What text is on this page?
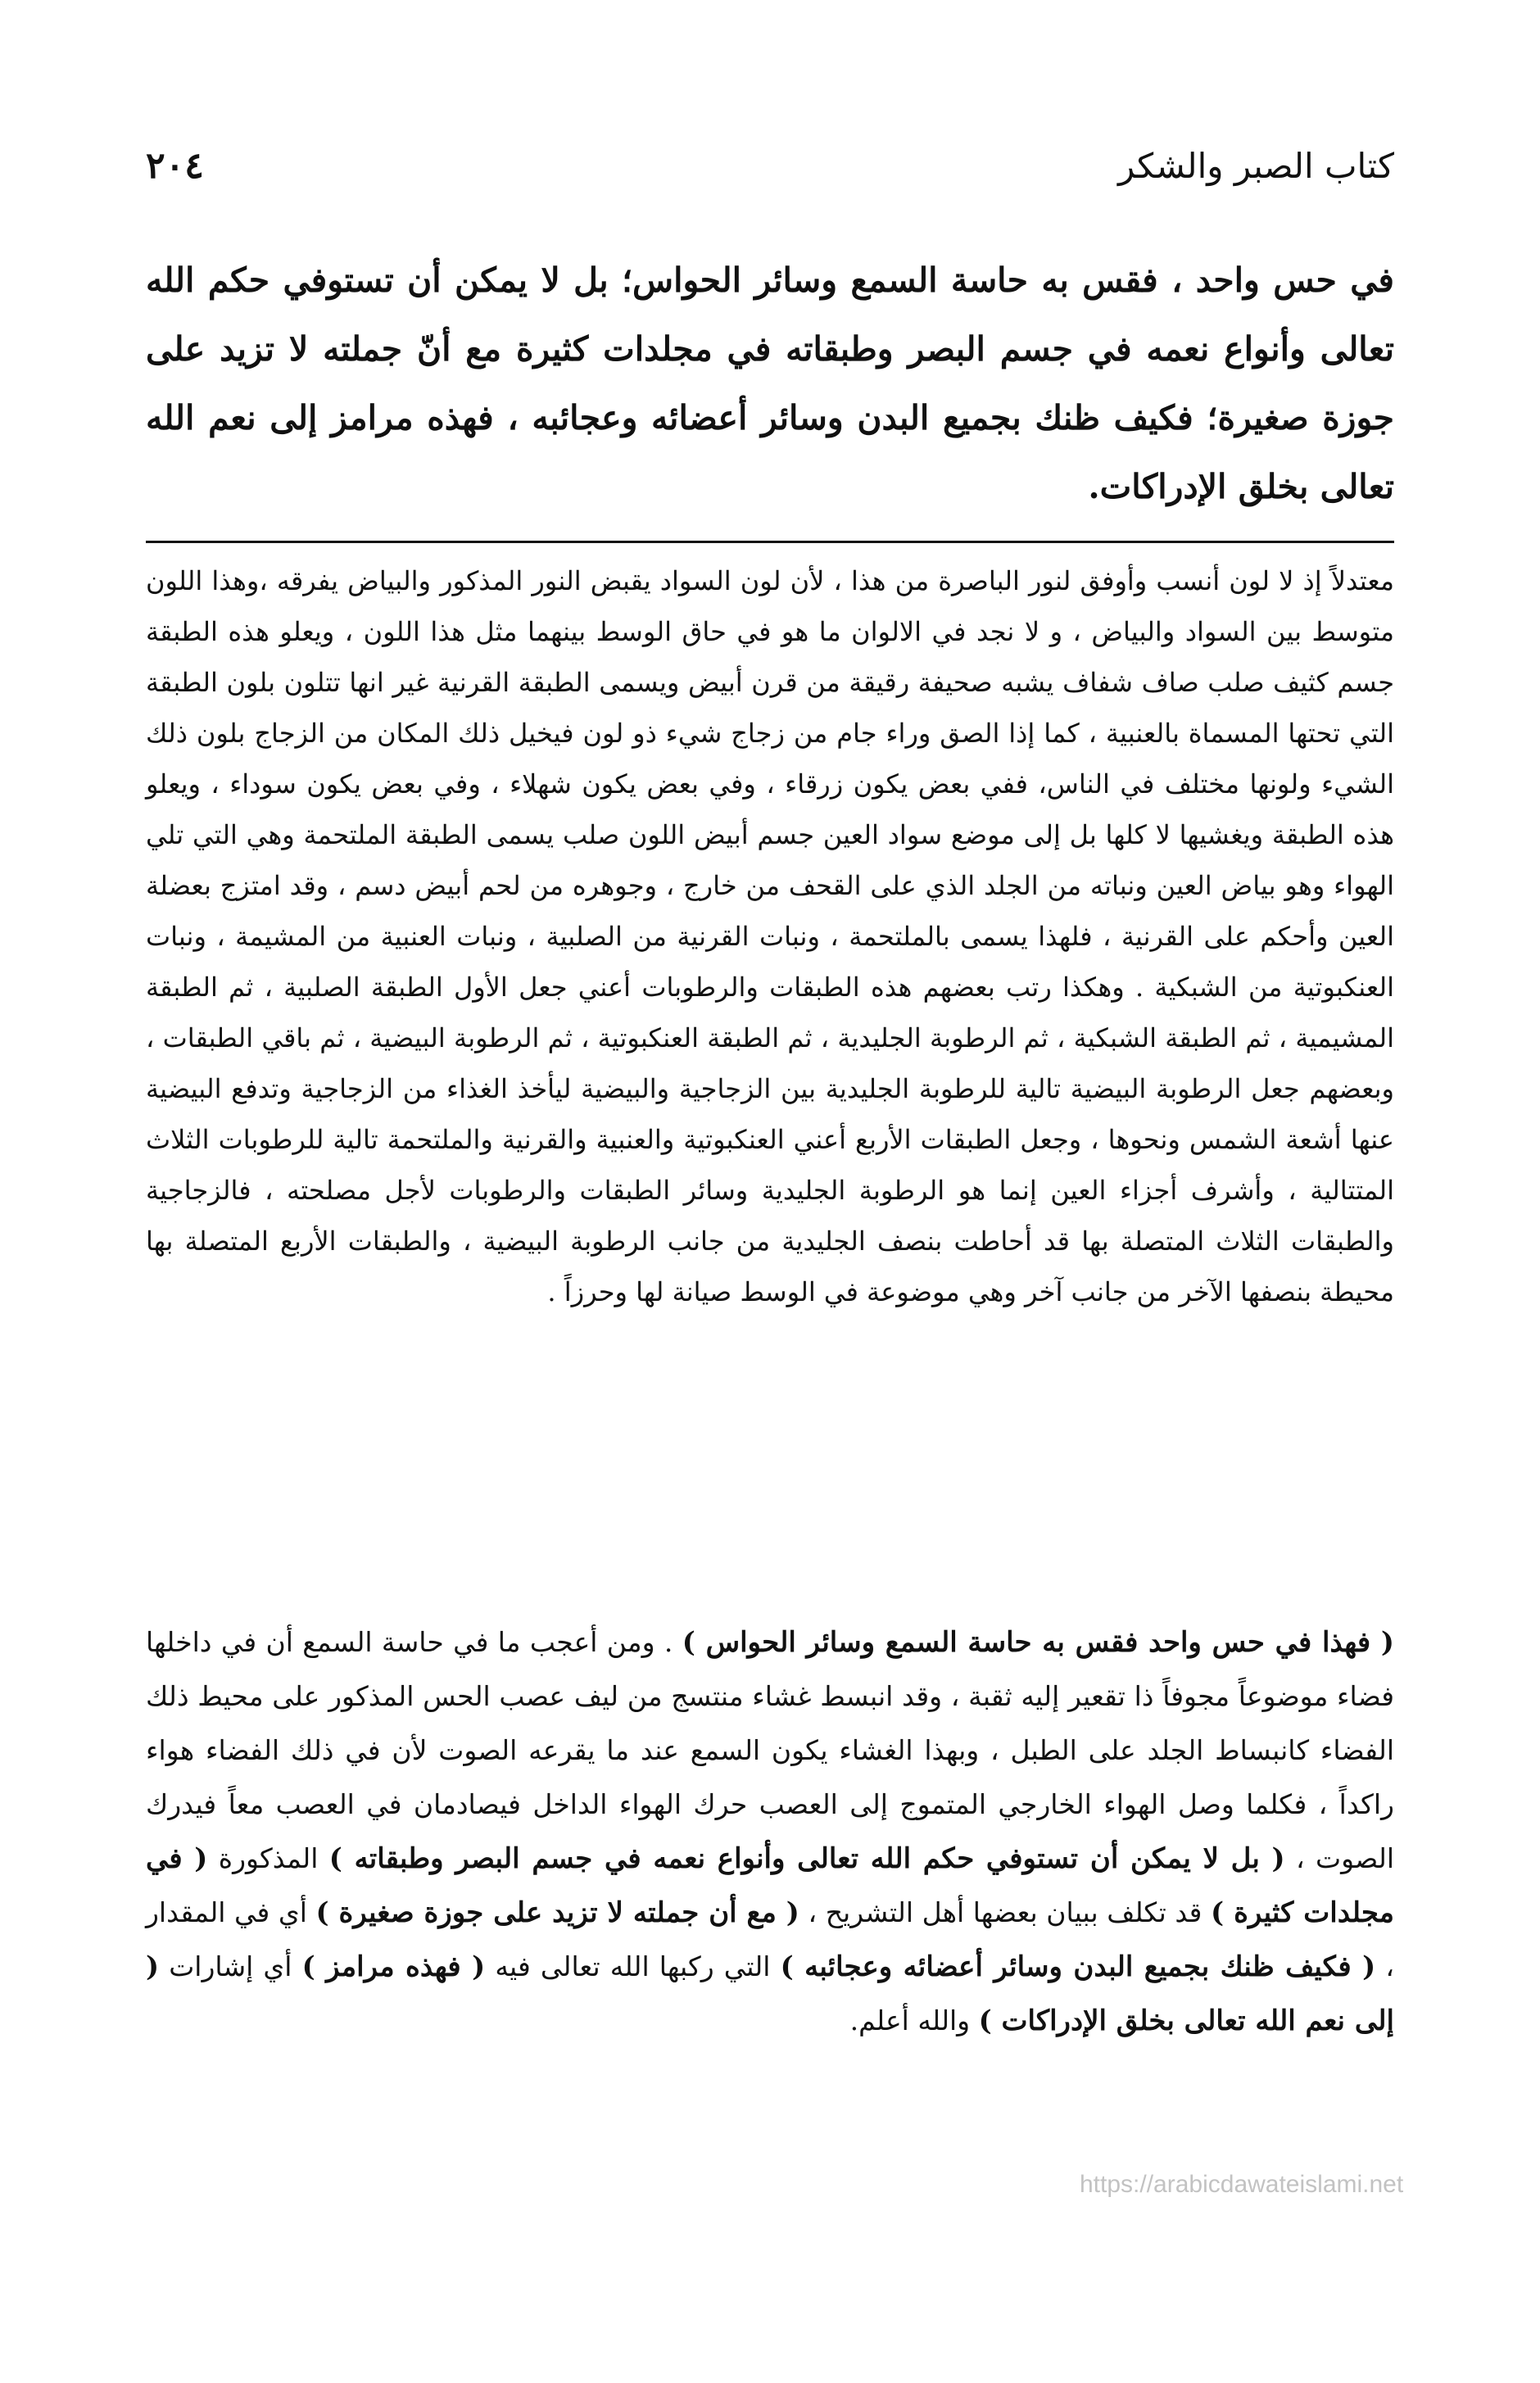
٢٠٤	كتاب الصبر والشكر

في حس واحد ، فقس به حاسة السمع وسائر الحواس؛ بل لا يمكن أن تستوفي حكم الله تعالى وأنواع نعمه في جسم البصر وطبقاته في مجلدات كثيرة مع أنّ جملته لا تزيد على جوزة صغيرة؛ فكيف ظنك بجميع البدن وسائر أعضائه وعجائبه ، فهذه مرامز إلى نعم الله تعالى بخلق الإدراكات.

معتدلاً إذ لا لون أنسب وأوفق لنور الباصرة من هذا ، لأن لون السواد يقبض النور المذكور والبياض يفرقه ،وهذا اللون متوسط بين السواد والبياض ، و لا نجد في الالوان ما هو في حاق الوسط بينهما مثل هذا اللون ، ويعلو هذه الطبقة جسم كثيف صلب صاف شفاف يشبه صحيفة رقيقة من قرن أبيض ويسمى الطبقة القرنية غير انها تتلون بلون الطبقة التي تحتها المسماة بالعنبية ، كما إذا الصق وراء جام من زجاج شيء ذو لون فيخيل ذلك المكان من الزجاج بلون ذلك الشيء ولونها مختلف في الناس، ففي بعض يكون زرقاء ، وفي بعض يكون شهلاء ، وفي بعض يكون سوداء ، ويعلو هذه الطبقة ويغشيها لا كلها بل إلى موضع سواد العين جسم أبيض اللون صلب يسمى الطبقة الملتحمة وهي التي تلي الهواء وهو بياض العين ونباته من الجلد الذي على القحف من خارج ، وجوهره من لحم أبيض دسم ، وقد امتزج بعضلة العين وأحكم على القرنية ، فلهذا يسمى بالملتحمة ، ونبات القرنية من الصلبية ، ونبات العنبية من المشيمة ، ونبات العنكبوتية من الشبكية . وهكذا رتب بعضهم هذه الطبقات والرطوبات أعني جعل الأول الطبقة الصلبية ، ثم الطبقة المشيمية ، ثم الطبقة الشبكية ، ثم الرطوبة الجليدية ، ثم الطبقة العنكبوتية ، ثم الرطوبة البيضية ، ثم باقي الطبقات ، وبعضهم جعل الرطوبة البيضية تالية للرطوبة الجليدية بين الزجاجية والبيضية ليأخذ الغذاء من الزجاجية وتدفع البيضية عنها أشعة الشمس ونحوها ، وجعل الطبقات الأربع أعني العنكبوتية والعنبية والقرنية والملتحمة تالية للرطوبات الثلاث المتتالية ، وأشرف أجزاء العين إنما هو الرطوبة الجليدية وسائر الطبقات والرطوبات لأجل مصلحته ، فالزجاجية والطبقات الثلاث المتصلة بها قد أحاطت بنصف الجليدية من جانب الرطوبة البيضية ، والطبقات الأربع المتصلة بها محيطة بنصفها الآخر من جانب آخر وهي موضوعة في الوسط صيانة لها وحرزاً .

( فهذا في حس واحد فقس به حاسة السمع وسائر الحواس ) . ومن أعجب ما في حاسة السمع أن في داخلها فضاء موضوعاً مجوفاً ذا تقعير إليه ثقبة ، وقد انبسط غشاء منتسج من ليف عصب الحس المذكور على محيط ذلك الفضاء كانبساط الجلد على الطبل ، وبهذا الغشاء يكون السمع عند ما يقرعه الصوت لأن في ذلك الفضاء هواء راكداً ، فكلما وصل الهواء الخارجي المتموج إلى العصب حرك الهواء الداخل فيصادمان في العصب معاً فيدرك الصوت ، ( بل لا يمكن أن تستوفي حكم الله تعالى وأنواع نعمه في جسم البصر وطبقاته ) المذكورة ( في مجلدات كثيرة ) قد تكلف ببيان بعضها أهل التشريح ، ( مع أن جملته لا تزيد على جوزة صغيرة ) أي في المقدار ، ( فكيف ظنك بجميع البدن وسائر أعضائه وعجائبه ) التي ركبها الله تعالى فيه ( فهذه مرامز ) أي إشارات ( إلى نعم الله تعالى بخلق الإدراكات ) والله أعلم.

https://arabicdawateislami.net
